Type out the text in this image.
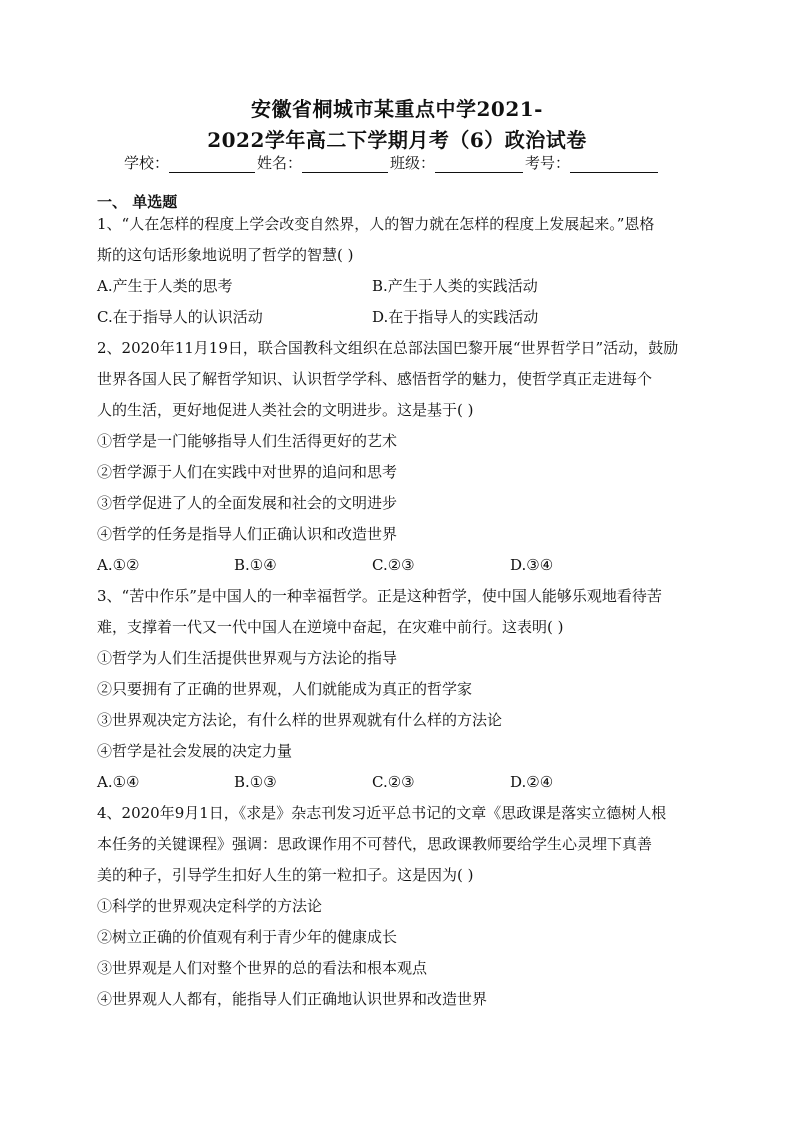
安徽省桐城市某重点中学2021-
2022学年高二下学期月考（6）政治试卷
学校：	姓名：	班级：	考号：
一、 单选题
1、“人在怎样的程度上学会改变自然界，人的智力就在怎样的程度上发展起来。”恩格
斯的这句话形象地说明了哲学的智慧( )
A.产生于人类的思考	B.产生于人类的实践活动
C.在于指导人的认识活动	D.在于指导人的实践活动
2、2020年11月19日，联合国教科文组织在总部法国巴黎开展“世界哲学日”活动，鼓励
世界各国人民了解哲学知识、认识哲学学科、感悟哲学的魅力，使哲学真正走进每个
人的生活，更好地促进人类社会的文明进步。这是基于( )
①哲学是一门能够指导人们生活得更好的艺术
②哲学源于人们在实践中对世界的追问和思考
③哲学促进了人的全面发展和社会的文明进步
④哲学的任务是指导人们正确认识和改造世界
A.①②	B.①④	C.②③	D.③④
3、“苦中作乐”是中国人的一种幸福哲学。正是这种哲学，使中国人能够乐观地看待苦
难，支撑着一代又一代中国人在逆境中奋起，在灾难中前行。这表明( )
①哲学为人们生活提供世界观与方法论的指导
②只要拥有了正确的世界观，人们就能成为真正的哲学家
③世界观决定方法论，有什么样的世界观就有什么样的方法论
④哲学是社会发展的决定力量
A.①④	B.①③	C.②③	D.②④
4、2020年9月1日，《求是》杂志刊发习近平总书记的文章《思政课是落实立德树人根
本任务的关键课程》强调：思政课作用不可替代，思政课教师要给学生心灵埋下真善
美的种子，引导学生扣好人生的第一粒扣子。这是因为( )
①科学的世界观决定科学的方法论
②树立正确的价值观有利于青少年的健康成长
③世界观是人们对整个世界的总的看法和根本观点
④世界观人人都有，能指导人们正确地认识世界和改造世界
